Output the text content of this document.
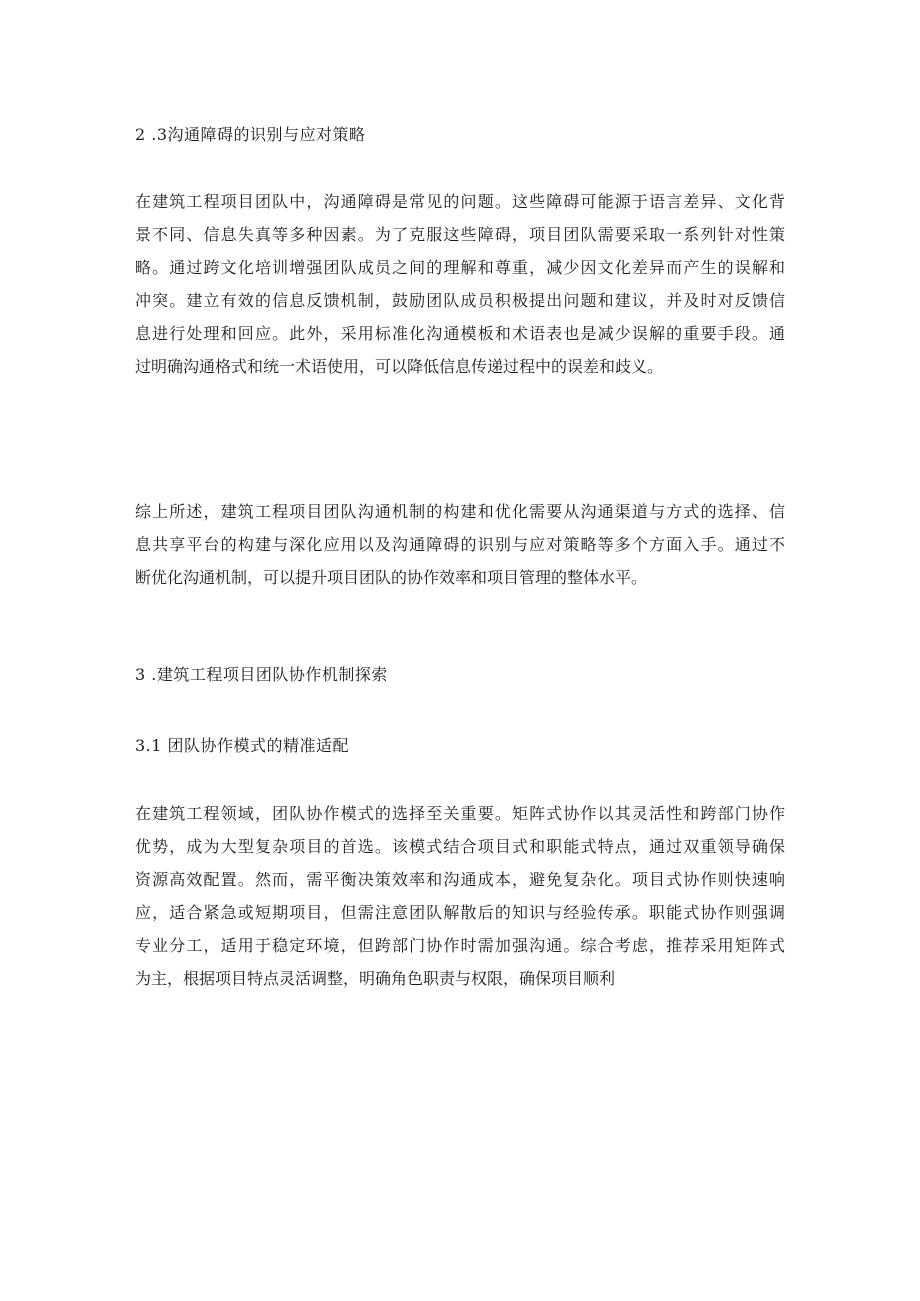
2 .3沟通障碍的识别与应对策略
在建筑工程项目团队中，沟通障碍是常见的问题。这些障碍可能源于语言差异、文化背
景不同、信息失真等多种因素。为了克服这些障碍，项目团队需要采取一系列针对性策
略。通过跨文化培训增强团队成员之间的理解和尊重，减少因文化差异而产生的误解和
冲突。建立有效的信息反馈机制，鼓励团队成员积极提出问题和建议，并及时对反馈信
息进行处理和回应。此外，采用标准化沟通模板和术语表也是减少误解的重要手段。通
过明确沟通格式和统一术语使用，可以降低信息传递过程中的误差和歧义。
综上所述，建筑工程项目团队沟通机制的构建和优化需要从沟通渠道与方式的选择、信
息共享平台的构建与深化应用以及沟通障碍的识别与应对策略等多个方面入手。通过不
断优化沟通机制，可以提升项目团队的协作效率和项目管理的整体水平。
3 .建筑工程项目团队协作机制探索
3.1 团队协作模式的精准适配
在建筑工程领域，团队协作模式的选择至关重要。矩阵式协作以其灵活性和跨部门协作
优势，成为大型复杂项目的首选。该模式结合项目式和职能式特点，通过双重领导确保
资源高效配置。然而，需平衡决策效率和沟通成本，避免复杂化。项目式协作则快速响
应，适合紧急或短期项目，但需注意团队解散后的知识与经验传承。职能式协作则强调
专业分工，适用于稳定环境，但跨部门协作时需加强沟通。综合考虑，推荐采用矩阵式
为主，根据项目特点灵活调整，明确角色职责与权限，确保项目顺利
